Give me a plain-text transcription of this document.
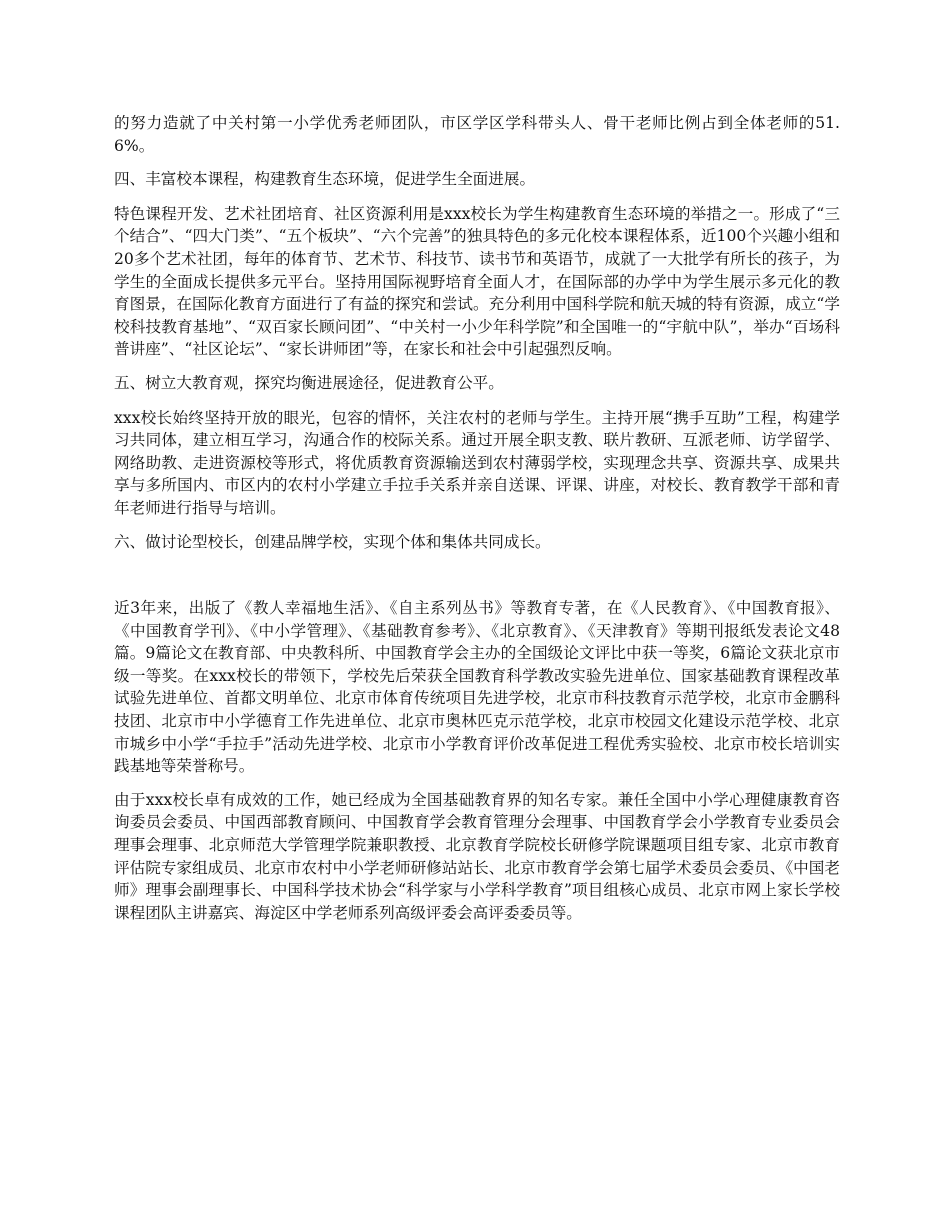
的努力造就了中关村第一小学优秀老师团队，市区学区学科带头人、骨干老师比例占到全体老师的51.6%。

四、丰富校本课程，构建教育生态环境，促进学生全面进展。

特色课程开发、艺术社团培育、社区资源利用是xxx校长为学生构建教育生态环境的举措之一。形成了“三个结合”、“四大门类”、“五个板块”、“六个完善”的独具特色的多元化校本课程体系，近100个兴趣小组和20多个艺术社团，每年的体育节、艺术节、科技节、读书节和英语节，成就了一大批学有所长的孩子，为学生的全面成长提供多元平台。坚持用国际视野培育全面人才，在国际部的办学中为学生展示多元化的教育图景，在国际化教育方面进行了有益的探究和尝试。充分利用中国科学院和航天城的特有资源，成立“学校科技教育基地”、“双百家长顾问团”、“中关村一小少年科学院”和全国唯一的“宇航中队”，举办“百场科普讲座”、“社区论坛”、“家长讲师团”等，在家长和社会中引起强烈反响。

五、树立大教育观，探究均衡进展途径，促进教育公平。

xxx校长始终坚持开放的眼光，包容的情怀，关注农村的老师与学生。主持开展“携手互助”工程，构建学习共同体，建立相互学习，沟通合作的校际关系。通过开展全职支教、联片教研、互派老师、访学留学、网络助教、走进资源校等形式，将优质教育资源输送到农村薄弱学校，实现理念共享、资源共享、成果共享与多所国内、市区内的农村小学建立手拉手关系并亲自送课、评课、讲座，对校长、教育教学干部和青年老师进行指导与培训。

六、做讨论型校长，创建品牌学校，实现个体和集体共同成长。

近3年来，出版了《教人幸福地生活》、《自主系列丛书》等教育专著，在《人民教育》、《中国教育报》、《中国教育学刊》、《中小学管理》、《基础教育参考》、《北京教育》、《天津教育》等期刊报纸发表论文48篇。9篇论文在教育部、中央教科所、中国教育学会主办的全国级论文评比中获一等奖，6篇论文获北京市级一等奖。在xxx校长的带领下，学校先后荣获全国教育科学教改实验先进单位、国家基础教育课程改革试验先进单位、首都文明单位、北京市体育传统项目先进学校，北京市科技教育示范学校，北京市金鹏科技团、北京市中小学德育工作先进单位、北京市奥林匹克示范学校，北京市校园文化建设示范学校、北京市城乡中小学“手拉手”活动先进学校、北京市小学教育评价改革促进工程优秀实验校、北京市校长培训实践基地等荣誉称号。

由于xxx校长卓有成效的工作，她已经成为全国基础教育界的知名专家。兼任全国中小学心理健康教育咨询委员会委员、中国西部教育顾问、中国教育学会教育管理分会理事、中国教育学会小学教育专业委员会理事会理事、北京师范大学管理学院兼职教授、北京教育学院校长研修学院课题项目组专家、北京市教育评估院专家组成员、北京市农村中小学老师研修站站长、北京市教育学会第七届学术委员会委员、《中国老师》理事会副理事长、中国科学技术协会“科学家与小学科学教育”项目组核心成员、北京市网上家长学校课程团队主讲嘉宾、海淀区中学老师系列高级评委会高评委委员等。
